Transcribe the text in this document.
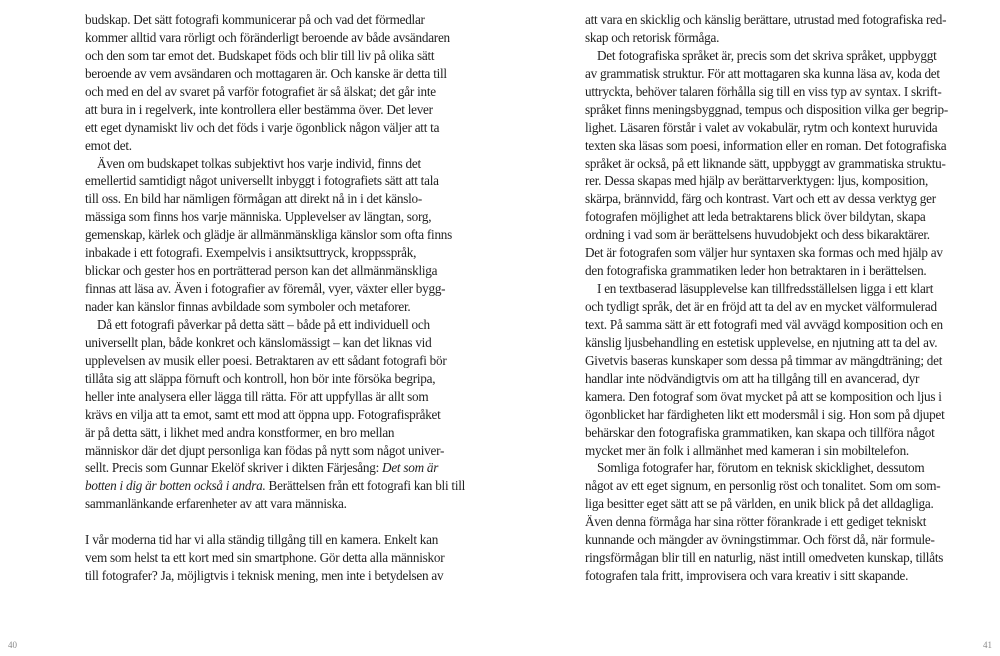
budskap. Det sätt fotografi kommunicerar på och vad det förmedlar
kommer alltid vara rörligt och föränderligt beroende av både avsändaren
och den som tar emot det. Budskapet föds och blir till liv på olika sätt
beroende av vem avsändaren och mottagaren är. Och kanske är detta till
och med en del av svaret på varför fotografiet är så älskat; det går inte
att bura in i regelverk, inte kontrollera eller bestämma över. Det lever
ett eget dynamiskt liv och det föds i varje ögonblick någon väljer att ta
emot det.
Även om budskapet tolkas subjektivt hos varje individ, finns det
emellertid samtidigt något universellt inbyggt i fotografiets sätt att tala
till oss. En bild har nämligen förmågan att direkt nå in i det känslo-
mässiga som finns hos varje människa. Upplevelser av längtan, sorg,
gemenskap, kärlek och glädje är allmänmänskliga känslor som ofta finns
inbakade i ett fotografi. Exempelvis i ansiktsuttryck, kroppsspråk,
blickar och gester hos en porträtterad person kan det allmänmänskliga
finnas att läsa av. Även i fotografier av föremål, vyer, växter eller bygg-
nader kan känslor finnas avbildade som symboler och metaforer.
Då ett fotografi påverkar på detta sätt – både på ett individuell och
universellt plan, både konkret och känslomässigt – kan det liknas vid
upplevelsen av musik eller poesi. Betraktaren av ett sådant fotografi bör
tillåta sig att släppa förnuft och kontroll, hon bör inte försöka begripa,
heller inte analysera eller lägga till rätta. För att uppfyllas är allt som
krävs en vilja att ta emot, samt ett mod att öppna upp. Fotografispråket
är på detta sätt, i likhet med andra konstformer, en bro mellan
människor där det djupt personliga kan födas på nytt som något univer-
sellt. Precis som Gunnar Ekelöf skriver i dikten Färjesång: Det som är
botten i dig är botten också i andra. Berättelsen från ett fotografi kan bli till
sammanlänkande erfarenheter av att vara människa.
I vår moderna tid har vi alla ständig tillgång till en kamera. Enkelt kan
vem som helst ta ett kort med sin smartphone. Gör detta alla människor
till fotografer? Ja, möjligtvis i teknisk mening, men inte i betydelsen av
40
att vara en skicklig och känslig berättare, utrustad med fotografiska red-
skap och retorisk förmåga.
Det fotografiska språket är, precis som det skriva språket, uppbyggt
av grammatisk struktur. För att mottagaren ska kunna läsa av, koda det
uttryckta, behöver talaren förhålla sig till en viss typ av syntax. I skrift-
språket finns meningsbyggnad, tempus och disposition vilka ger begrip-
lighet. Läsaren förstår i valet av vokabulär, rytm och kontext huruvida
texten ska läsas som poesi, information eller en roman. Det fotografiska
språket är också, på ett liknande sätt, uppbyggt av grammatiska struktu-
rer. Dessa skapas med hjälp av berättarverktygen: ljus, komposition,
skärpa, brännvidd, färg och kontrast. Vart och ett av dessa verktyg ger
fotografen möjlighet att leda betraktarens blick över bildytan, skapa
ordning i vad som är berättelsens huvudobjekt och dess bikaraktärer.
Det är fotografen som väljer hur syntaxen ska formas och med hjälp av
den fotografiska grammatiken leder hon betraktaren in i berättelsen.
I en textbaserad läsupplevelse kan tillfredsställelsen ligga i ett klart
och tydligt språk, det är en fröjd att ta del av en mycket välformulerad
text. På samma sätt är ett fotografi med väl avvägd komposition och en
känslig ljusbehandling en estetisk upplevelse, en njutning att ta del av.
Givetvis baseras kunskaper som dessa på timmar av mängdträning; det
handlar inte nödvändigtvis om att ha tillgång till en avancerad, dyr
kamera. Den fotograf som övat mycket på att se komposition och ljus i
ögonblicket har färdigheten likt ett modersmål i sig. Hon som på djupet
behärskar den fotografiska grammatiken, kan skapa och tillföra något
mycket mer än folk i allmänhet med kameran i sin mobiltelefon.
Somliga fotografer har, förutom en teknisk skicklighet, dessutom
något av ett eget signum, en personlig röst och tonalitet. Som om som-
liga besitter eget sätt att se på världen, en unik blick på det alldagliga.
Även denna förmåga har sina rötter förankrade i ett gediget tekniskt
kunnande och mängder av övningstimmar. Och först då, när formule-
ringsförmågan blir till en naturlig, näst intill omedveten kunskap, tillåts
fotografen tala fritt, improvisera och vara kreativ i sitt skapande.
41
